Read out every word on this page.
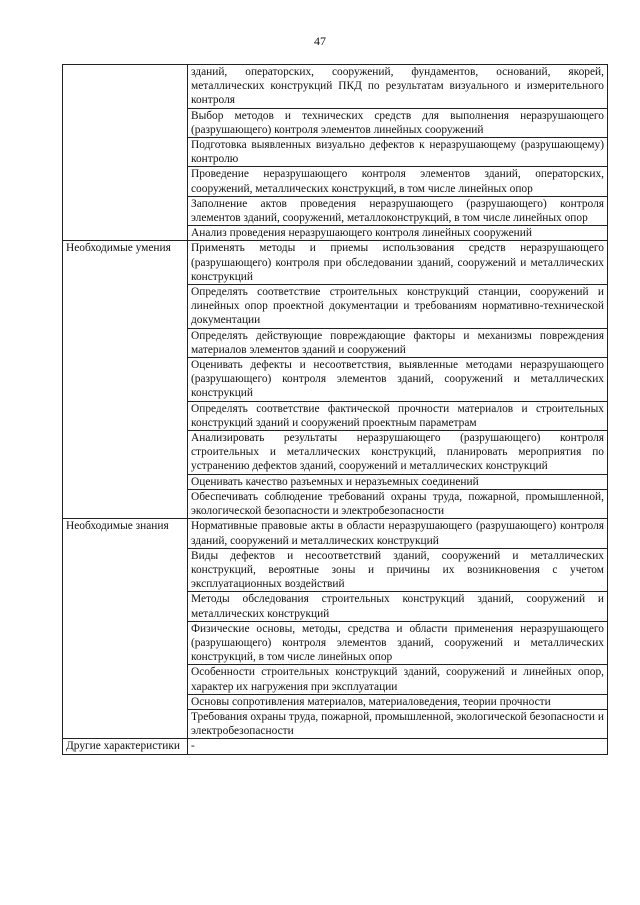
47
	зданий, операторских, сооружений, фундаментов, оснований, якорей, металлических конструкций ПКД по результатам визуального и измерительного контроля
	Выбор методов и технических средств для выполнения неразрушающего (разрушающего) контроля элементов линейных сооружений
	Подготовка выявленных визуально дефектов к неразрушающему (разрушающему) контролю
	Проведение неразрушающего контроля элементов зданий, операторских, сооружений, металлических конструкций, в том числе линейных опор
	Заполнение актов проведения неразрушающего (разрушающего) контроля элементов зданий, сооружений, металлоконструкций, в том числе линейных опор
	Анализ проведения неразрушающего контроля линейных сооружений
Необходимые умения	Применять методы и приемы использования средств неразрушающего (разрушающего) контроля при обследовании зданий, сооружений и металлических конструкций
	Определять соответствие строительных конструкций станции, сооружений и линейных опор проектной документации и требованиям нормативно-технической документации
	Определять действующие повреждающие факторы и механизмы повреждения материалов элементов зданий и сооружений
	Оценивать дефекты и несоответствия, выявленные методами неразрушающего (разрушающего) контроля элементов зданий, сооружений и металлических конструкций
	Определять соответствие фактической прочности материалов и строительных конструкций зданий и сооружений проектным параметрам
	Анализировать результаты неразрушающего (разрушающего) контроля строительных и металлических конструкций, планировать мероприятия по устранению дефектов зданий, сооружений и металлических конструкций
	Оценивать качество разъемных и неразъемных соединений
	Обеспечивать соблюдение требований охраны труда, пожарной, промышленной, экологической безопасности и электробезопасности
Необходимые знания	Нормативные правовые акты в области неразрушающего (разрушающего) контроля зданий, сооружений и металлических конструкций
	Виды дефектов и несоответствий зданий, сооружений и металлических конструкций, вероятные зоны и причины их возникновения с учетом эксплуатационных воздействий
	Методы обследования строительных конструкций зданий, сооружений и металлических конструкций
	Физические основы, методы, средства и области применения неразрушающего (разрушающего) контроля элементов зданий, сооружений и металлических конструкций, в том числе линейных опор
	Особенности строительных конструкций зданий, сооружений и линейных опор, характер их нагружения при эксплуатации
	Основы сопротивления материалов, материаловедения, теории прочности
	Требования охраны труда, пожарной, промышленной, экологической безопасности и электробезопасности
Другие характеристики	-
